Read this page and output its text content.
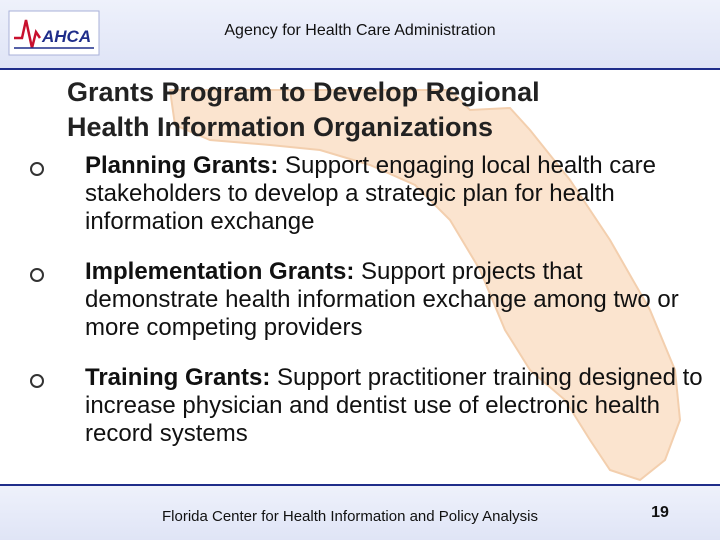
AHCA	Agency for Health Care Administration
Grants Program to Develop Regional
Health Information Organizations
Planning Grants: Support engaging local health care stakeholders to develop a strategic plan for health information exchange
Implementation Grants: Support projects that demonstrate health information exchange among two or more competing providers
Training Grants: Support practitioner training designed to increase physician and dentist use of electronic health record systems
Florida Center for Health Information and Policy Analysis	19
